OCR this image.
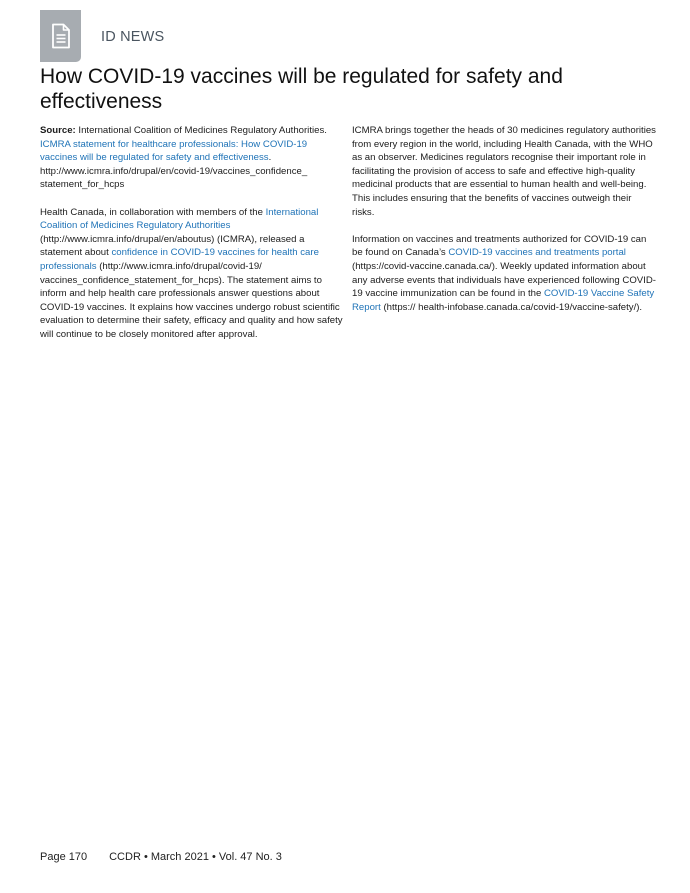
ID NEWS
How COVID-19 vaccines will be regulated for safety and effectiveness

Source: International Coalition of Medicines Regulatory Authorities. ICMRA statement for healthcare professionals: How COVID-19 vaccines will be regulated for safety and effectiveness. http://www.icmra.info/drupal/en/covid-19/vaccines_confidence_ statement_for_hcps

Health Canada, in collaboration with members of the International Coalition of Medicines Regulatory Authorities (http://www.icmra.info/drupal/en/aboutus) (ICMRA), released a statement about confidence in COVID-19 vaccines for health care professionals (http://www.icmra.info/drupal/covid-19/ vaccines_confidence_statement_for_hcps). The statement aims to inform and help health care professionals answer questions about COVID-19 vaccines. It explains how vaccines undergo robust scientific evaluation to determine their safety, efficacy and quality and how safety will continue to be closely monitored after approval.

ICMRA brings together the heads of 30 medicines regulatory authorities from every region in the world, including Health Canada, with the WHO as an observer. Medicines regulators recognise their important role in facilitating the provision of access to safe and effective high-quality medicinal products that are essential to human health and well-being. This includes ensuring that the benefits of vaccines outweigh their risks.

Information on vaccines and treatments authorized for COVID-19 can be found on Canada’s COVID-19 vaccines and treatments portal (https://covid-vaccine.canada.ca/). Weekly updated information about any adverse events that individuals have experienced following COVID-19 vaccine immunization can be found in the COVID-19 Vaccine Safety Report (https:// health-infobase.canada.ca/covid-19/vaccine-safety/).

Page 170 CCDR • March 2021 • Vol. 47 No. 3
